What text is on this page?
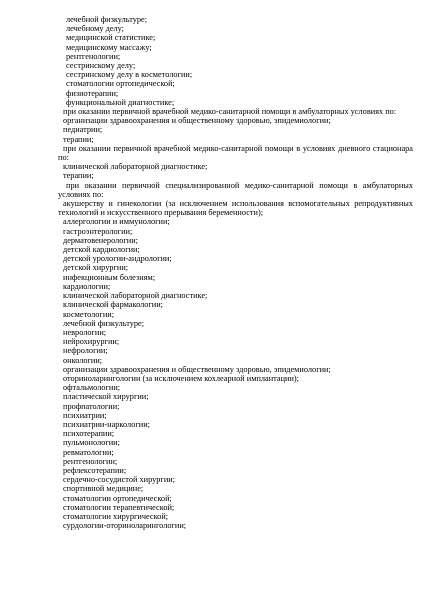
лечебной физкультуре;
лечебному делу;
медицинской статистике;
медицинскому массажу;
рентгенологии;
сестринскому делу;
сестринскому делу в косметологии;
стоматологии ортопедической;
физиотерапии;
функциональной диагностике;
при оказании первичной врачебной медико-санитарной помощи в амбулаторных условиях по:
организации здравоохранения и общественному здоровью, эпидемиологии;
педиатрии;
терапии;
при оказании первичной врачебной медико-санитарной помощи в условиях дневного стационара по:
клинической лабораторной диагностике;
терапии;
при оказании первичной специализированной медико-санитарной помощи в амбулаторных условиях по:
акушерству и гинекологии (за исключением использования вспомогательных репродуктивных технологий и искусственного прерывания беременности);
аллергологии и иммунологии;
гастроэнтерологии;
дерматовенерологии;
детской кардиологии;
детской урологии-андрологии;
детской хирургии;
инфекционным болезням;
кардиологии;
клинической лабораторной диагностике;
клинической фармакологии;
косметологии;
лечебной физкультуре;
неврологии;
нейрохирургии;
нефрологии;
онкологии;
организации здравоохранения и общественному здоровью, эпидемиологии;
оториноларингологии (за исключением кохлеарной имплантации);
офтальмологии;
пластической хирургии;
профпатологии;
психиатрии;
психиатрии-наркологии;
психотерапии;
пульмонологии;
ревматологии;
рентгенологии;
рефлексотерапии;
сердечно-сосудистой хирургии;
спортивной медицине;
стоматологии ортопедической;
стоматологии терапевтической;
стоматологии хирургической;
сурдологии-оториноларингологии;
